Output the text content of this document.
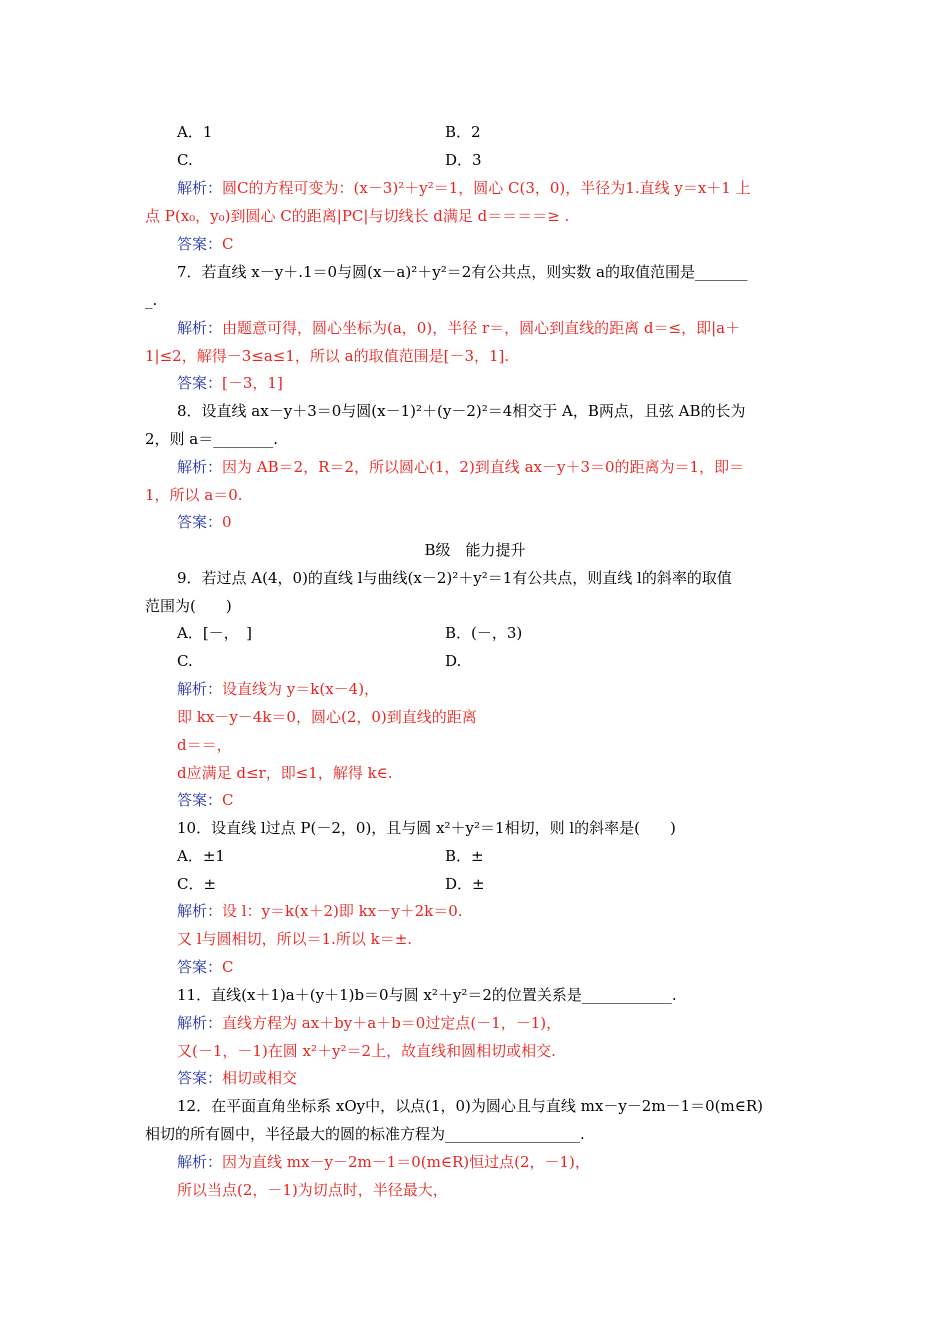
A．1	B．2
C.	D．3
解析：圆C的方程可变为：(x－3)²＋y²＝1，圆心 C(3，0)，半径为1.直线 y＝x＋1 上
点 P(x₀，y₀)到圆心 C的距离|PC|与切线长 d满足 d＝＝＝＝≥ .
答案：C
7．若直线 x－y＋.1＝0与圆(x－a)²＋y²＝2有公共点，则实数 a的取值范围是_______
_.
解析：由题意可得，圆心坐标为(a，0)，半径 r＝，圆心到直线的距离 d＝≤，即|a＋
1|≤2，解得－3≤a≤1，所以 a的取值范围是[－3，1].
答案：[－3，1]
8．设直线 ax－y＋3＝0与圆(x－1)²＋(y－2)²＝4相交于 A，B两点，且弦 AB的长为
2，则 a＝________.
解析：因为 AB＝2，R＝2，所以圆心(1，2)到直线 ax－y＋3＝0的距离为＝1，即＝
1，所以 a＝0.
答案：0
B级　能力提升
9．若过点 A(4，0)的直线 l与曲线(x－2)²＋y²＝1有公共点，则直线 l的斜率的取值
范围为(　　)
A．[－，　]	B．(－，3)
C.	D.
解析：设直线为 y＝k(x－4)，
即 kx－y－4k＝0，圆心(2，0)到直线的距离
d＝＝，
d应满足 d≤r，即≤1，解得 k∈.
答案：C
10．设直线 l过点 P(－2，0)，且与圆 x²＋y²＝1相切，则 l的斜率是(　　)
A．±1	B．±
C．±	D．±
解析：设 l：y＝k(x＋2)即 kx－y＋2k＝0.
又 l与圆相切，所以＝1.所以 k＝±.
答案：C
11．直线(x＋1)a＋(y＋1)b＝0与圆 x²＋y²＝2的位置关系是____________.
解析：直线方程为 ax＋by＋a＋b＝0过定点(－1，－1)，
又(－1，－1)在圆 x²＋y²＝2上，故直线和圆相切或相交.
答案：相切或相交
12．在平面直角坐标系 xOy中，以点(1，0)为圆心且与直线 mx－y－2m－1＝0(m∈R)
相切的所有圆中，半径最大的圆的标准方程为__________________.
解析：因为直线 mx－y－2m－1＝0(m∈R)恒过点(2，－1)，
所以当点(2，－1)为切点时，半径最大，
